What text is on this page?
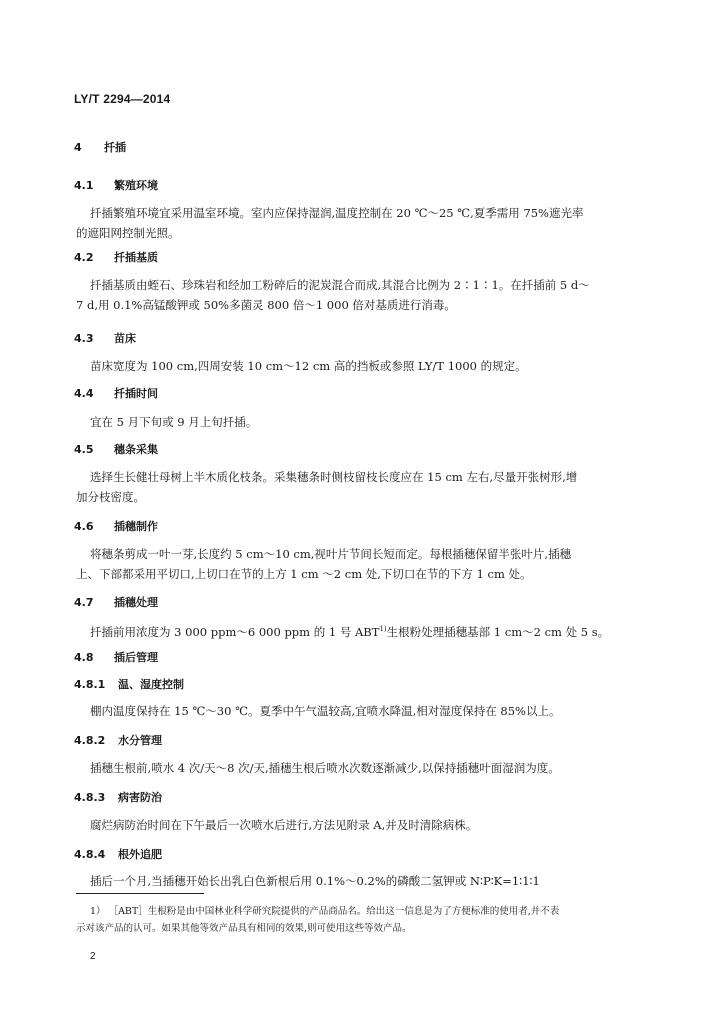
LY/T 2294—2014
4 扦插
4.1 繁殖环境
扦插繁殖环境宜采用温室环境。室内应保持湿润,温度控制在 20 ℃～25 ℃,夏季需用 75%遮光率
的遮阳网控制光照。
4.2 扦插基质
扦插基质由蛭石、珍珠岩和经加工粉碎后的泥炭混合而成,其混合比例为 2∶1∶1。在扦插前 5 d～
7 d,用 0.1%高锰酸钾或 50%多菌灵 800 倍～1 000 倍对基质进行消毒。
4.3 苗床
苗床宽度为 100 cm,四周安装 10 cm～12 cm 高的挡板或参照 LY/T 1000 的规定。
4.4 扦插时间
宜在 5 月下旬或 9 月上旬扦插。
4.5 穗条采集
选择生长健壮母树上半木质化枝条。采集穗条时侧枝留枝长度应在 15 cm 左右,尽量开张树形,增
加分枝密度。
4.6 插穗制作
将穗条剪成一叶一芽,长度约 5 cm～10 cm,视叶片节间长短而定。每根插穗保留半张叶片,插穗
上、下部都采用平切口,上切口在节的上方 1 cm ～2 cm 处,下切口在节的下方 1 cm 处。
4.7 插穗处理
扦插前用浓度为 3 000 ppm～6 000 ppm 的 1 号 ABT$^{1)}$生根粉处理插穗基部 1 cm～2 cm 处 5 s。
4.8 插后管理
4.8.1 温、湿度控制
棚内温度保持在 15 ℃～30 ℃。夏季中午气温较高,宜喷水降温,相对湿度保持在 85%以上。
4.8.2 水分管理
插穗生根前,喷水 4 次/天～8 次/天,插穗生根后喷水次数逐渐减少,以保持插穗叶面湿润为度。
4.8.3 病害防治
腐烂病防治时间在下午最后一次喷水后进行,方法见附录 A,并及时清除病株。
4.8.4 根外追肥
插后一个月,当插穗开始长出乳白色新根后用 0.1%～0.2%的磷酸二氢钾或 N∶P∶K=1∶1∶1
1） ［ABT］生根粉是由中国林业科学研究院提供的产品商品名。给出这一信息是为了方便标准的使用者,并不表
示对该产品的认可。如果其他等效产品具有相同的效果,则可使用这些等效产品。
2
